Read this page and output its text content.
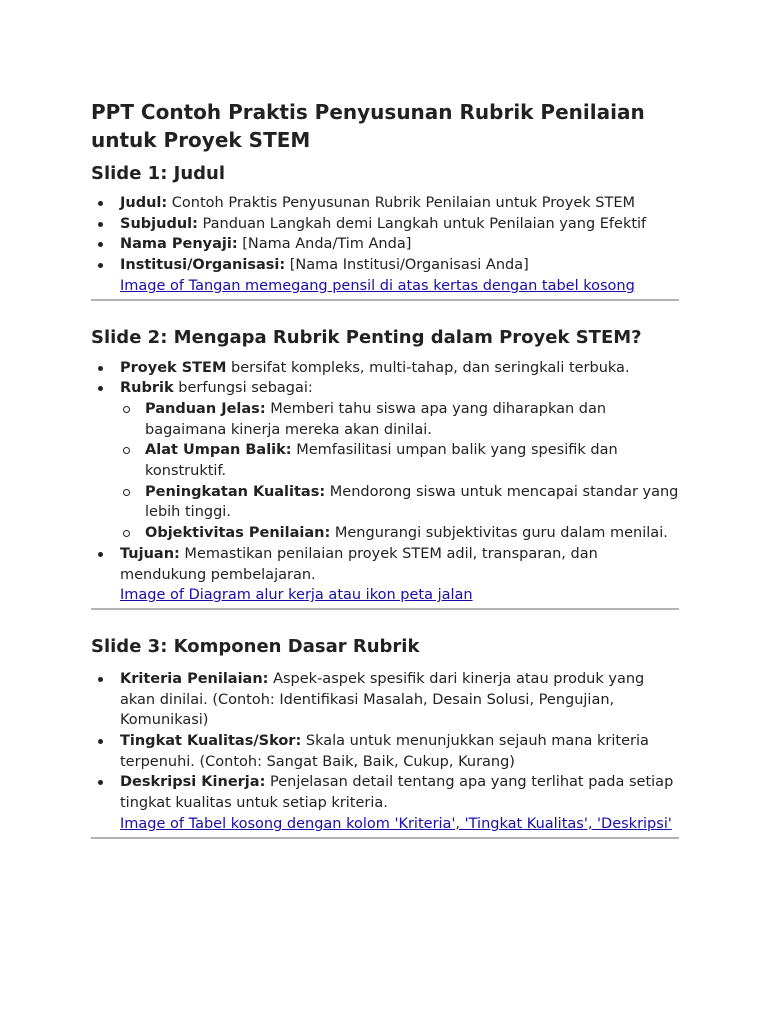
PPT Contoh Praktis Penyusunan Rubrik Penilaian untuk Proyek STEM
Slide 1: Judul
Judul: Contoh Praktis Penyusunan Rubrik Penilaian untuk Proyek STEM
Subjudul: Panduan Langkah demi Langkah untuk Penilaian yang Efektif
Nama Penyaji: [Nama Anda/Tim Anda]
Institusi/Organisasi: [Nama Institusi/Organisasi Anda]
Image of Tangan memegang pensil di atas kertas dengan tabel kosong
Slide 2: Mengapa Rubrik Penting dalam Proyek STEM?
Proyek STEM bersifat kompleks, multi-tahap, dan seringkali terbuka.
Rubrik berfungsi sebagai:
Panduan Jelas: Memberi tahu siswa apa yang diharapkan dan bagaimana kinerja mereka akan dinilai.
Alat Umpan Balik: Memfasilitasi umpan balik yang spesifik dan konstruktif.
Peningkatan Kualitas: Mendorong siswa untuk mencapai standar yang lebih tinggi.
Objektivitas Penilaian: Mengurangi subjektivitas guru dalam menilai.
Tujuan: Memastikan penilaian proyek STEM adil, transparan, dan mendukung pembelajaran.
Image of Diagram alur kerja atau ikon peta jalan
Slide 3: Komponen Dasar Rubrik
Kriteria Penilaian: Aspek-aspek spesifik dari kinerja atau produk yang akan dinilai. (Contoh: Identifikasi Masalah, Desain Solusi, Pengujian, Komunikasi)
Tingkat Kualitas/Skor: Skala untuk menunjukkan sejauh mana kriteria terpenuhi. (Contoh: Sangat Baik, Baik, Cukup, Kurang)
Deskripsi Kinerja: Penjelasan detail tentang apa yang terlihat pada setiap tingkat kualitas untuk setiap kriteria.
Image of Tabel kosong dengan kolom 'Kriteria', 'Tingkat Kualitas', 'Deskripsi'
